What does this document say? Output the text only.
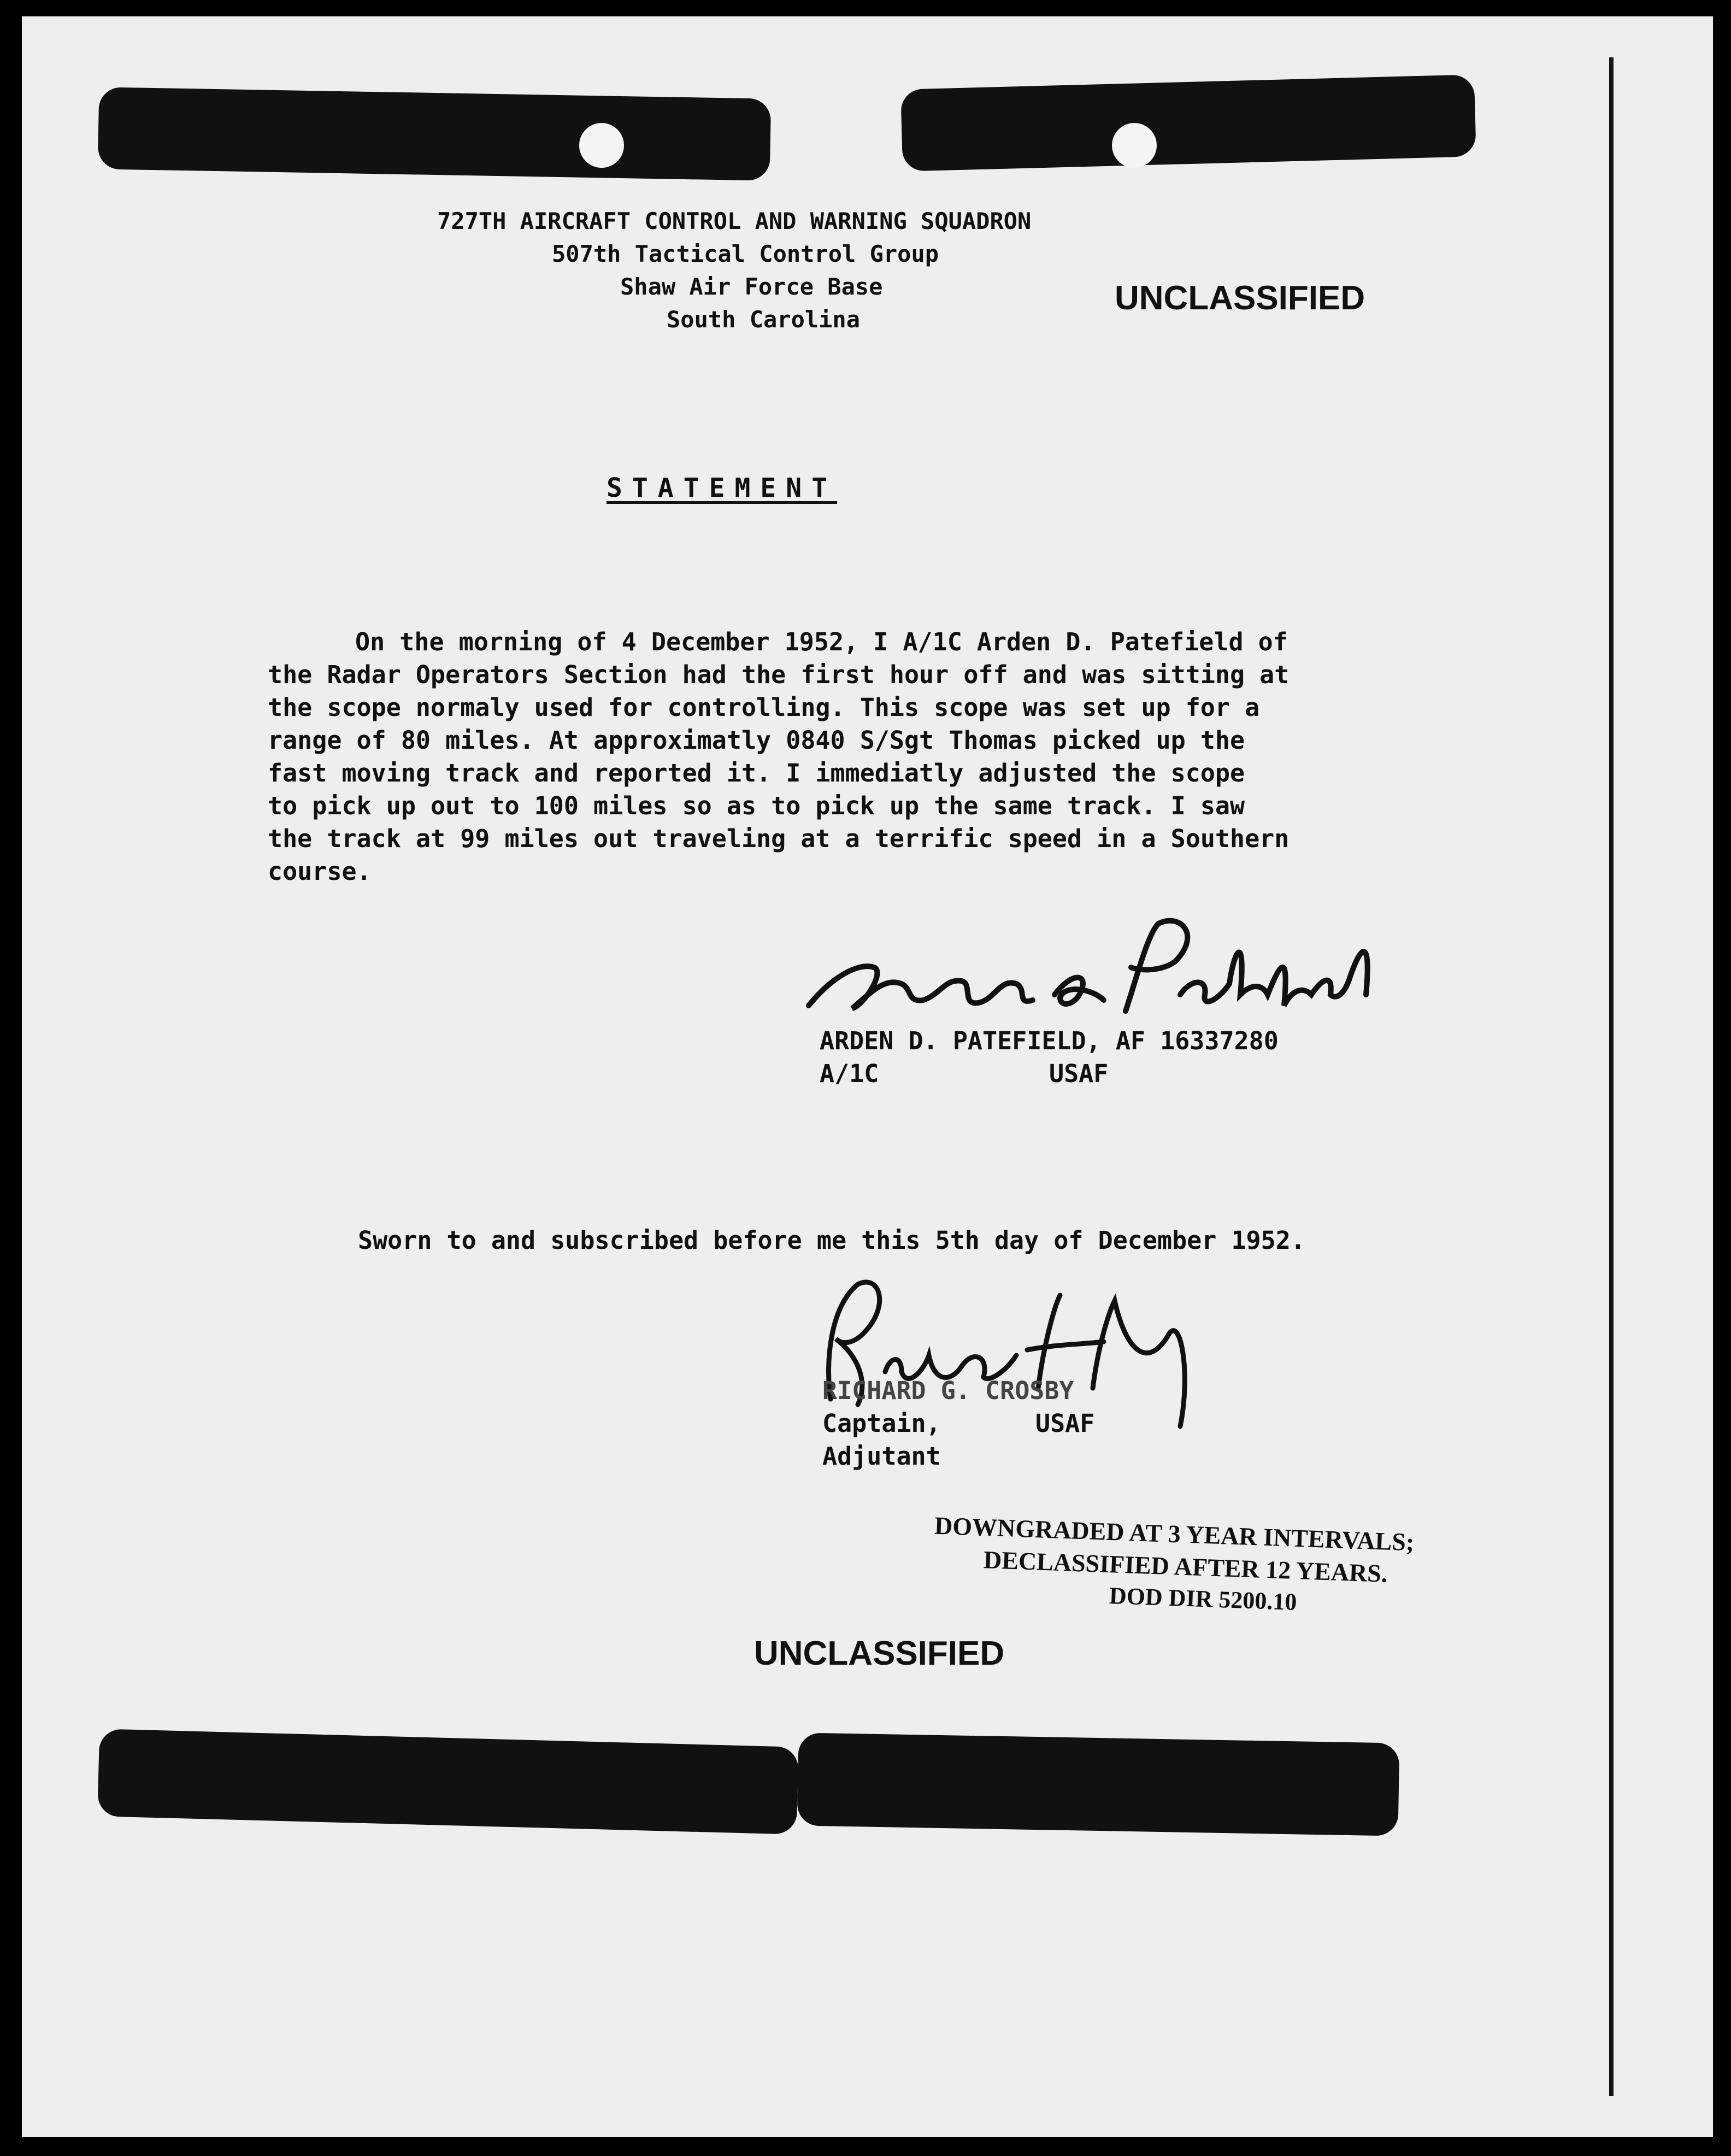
727TH AIRCRAFT CONTROL AND WARNING SQUADRON
507th Tactical Control Group
Shaw Air Force Base
South Carolina
UNCLASSIFIED
STATEMENT
On the morning of 4 December 1952, I A/1C Arden D. Patefield of
the Radar Operators Section had the first hour off and was sitting at
the scope normaly used for controlling. This scope was set up for a
range of 80 miles. At approximatly 0840 S/Sgt Thomas picked up the
fast moving track and reported it. I immediatly adjusted the scope
to pick up out to 100 miles so as to pick up the same track. I saw
the track at 99 miles out traveling at a terrific speed in a Southern
course.
ARDEN D. PATEFIELD, AF 16337280
A/1C	USAF
Sworn to and subscribed before me this 5th day of December 1952.
RICHARD G. CROSBY
Captain,	USAF
Adjutant
DOWNGRADED AT 3 YEAR INTERVALS;
DECLASSIFIED AFTER 12 YEARS.
DOD DIR 5200.10
UNCLASSIFIED
